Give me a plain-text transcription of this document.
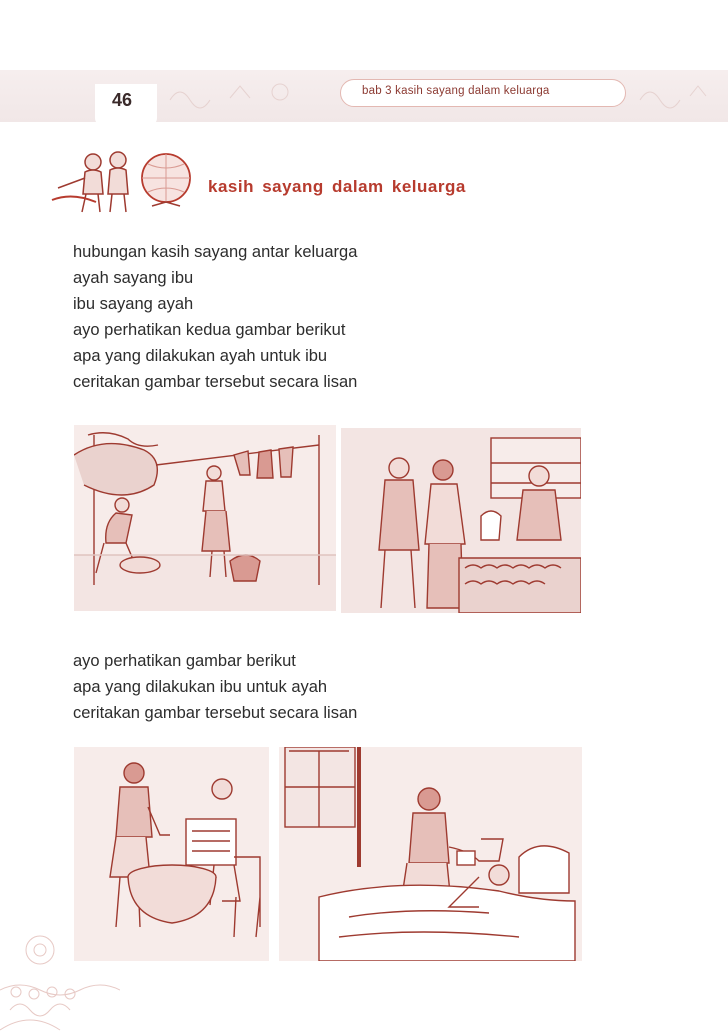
46	bab 3 kasih sayang dalam keluarga
kasih sayang dalam keluarga
hubungan kasih sayang antar keluarga
ayah sayang ibu
ibu sayang ayah
ayo perhatikan kedua gambar berikut
apa yang dilakukan ayah untuk ibu
ceritakan gambar tersebut secara lisan
ayo perhatikan gambar berikut
apa yang dilakukan ibu untuk ayah
ceritakan gambar tersebut secara lisan
